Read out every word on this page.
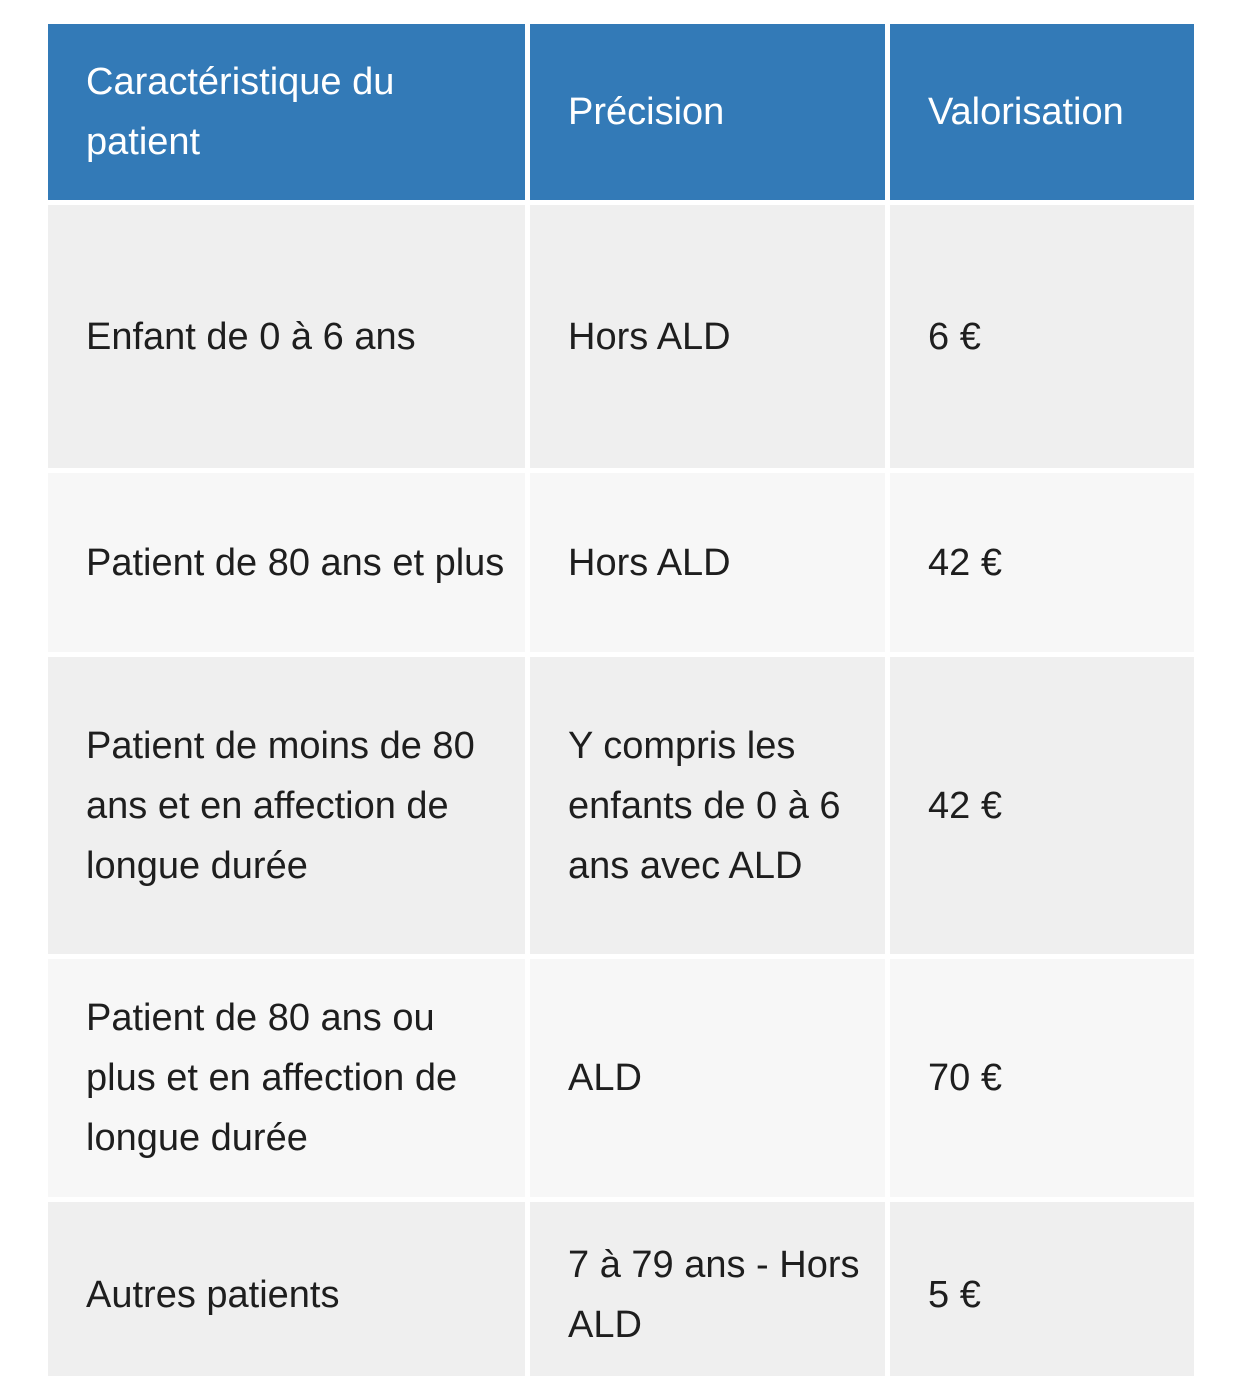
Caractéristique du patient	Précision	Valorisation
Enfant de 0 à 6 ans	Hors ALD	6 €
Patient de 80 ans et plus	Hors ALD	42 €
Patient de moins de 80 ans et en affection de longue durée	Y compris les enfants de 0 à 6 ans avec ALD	42 €
Patient de 80 ans ou plus et en affection de longue durée	ALD	70 €
Autres patients	7 à 79 ans - Hors ALD	5 €
